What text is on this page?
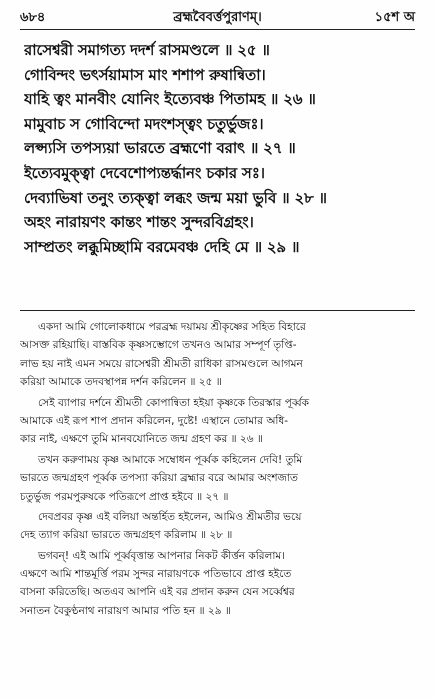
৬৮৪	ব্রহ্মবৈবর্ত্তপুরাণম্।	১৫শ অ
রাসেশ্বরী সমাগত্য দদর্শ রাসমণ্ডলে ॥ ২৫ ॥
গোবিন্দং ভৎর্সয়ামাস মাং শশাপ রুষান্বিতা।
যাহি ত্বং মানবীং যোনিং ইত্যেবঞ্চ পিতামহ ॥ ২৬ ॥
মামুবাচ স গোবিন্দো মদংশস্ত্বং চতুর্ভুজঃ।
লপ্স্যসি তপস্যয়া ভারতে ব্রহ্মণো বরাৎ ॥ ২৭ ॥
ইত্যেবমুক্ত্বা দেবেশোপ্যন্তর্দ্ধানং চকার সঃ।
দেব্যাভিষা তনুং ত্যক্ত্বা লব্ধং জন্ম ময়া ভুবি ॥ ২৮ ॥
অহং নারায়ণং কান্তং শান্তং সুন্দরবিগ্রহং।
সাম্প্রতং লব্ধুমিচ্ছামি বরমেবঞ্চ দেহি মে ॥ ২৯ ॥
একদা আমি গোলোকধামে পরব্রহ্ম দয়াময় শ্রীকৃষ্ণের সহিত বিহারে
আসক্ত রহিয়াছি। বাস্তবিক কৃষ্ণসম্ভোগে তখনও আমার সম্পূর্ণ তৃপ্তি-
লাভ হয় নাই এমন সময়ে রাসেশ্বরী শ্রীমতী রাধিকা রাসমণ্ডলে আগমন
করিয়া আমাকে তদবস্থাপন্ন দর্শন করিলেন ॥ ২৫ ॥
সেই ব্যাপার দর্শনে শ্রীমতী কোপান্বিতা হইয়া কৃষ্ণকে তিরস্কার পূর্ব্বক
আমাকে এই রূপ শাপ প্রদান করিলেন, দুষ্টে! এস্থানে তোমার অধি-
কার নাই, এক্ষণে তুমি মানবযোনিতে জন্ম গ্রহণ কর ॥ ২৬ ॥
তখন করুণাময় কৃষ্ণ আমাকে সম্বোধন পূর্ব্বক কহিলেন দেবি! তুমি
ভারতে জন্মগ্রহণ পূর্ব্বক তপস্যা করিয়া ব্রহ্মার বরে আমার অংশজাত
চতুর্ভুজ পরমপুরুষকে পতিরূপে প্রাপ্ত হইবে ॥ ২৭ ॥
দেবপ্রবর কৃষ্ণ এই বলিয়া অন্তর্হিত হইলেন, আমিও শ্রীমতীর ভয়ে
দেহ ত্যাগ করিয়া ভারতে জন্মগ্রহণ করিলাম ॥ ২৮ ॥
ভগবন্! এই আমি পূর্ব্ববৃত্তান্ত আপনার নিকট কীর্ত্তন করিলাম।
এক্ষণে আমি শান্তমূর্ত্তি পরম সুন্দর নারায়ণকে পতিভাবে প্রাপ্ত হইতে
বাসনা করিতেছি। অতএব আপনি এই বর প্রদান করুন যেন সর্ব্বেশ্বর
সনাতন বৈকুণ্ঠনাথ নারায়ণ আমার পতি হন ॥ ২৯ ॥
